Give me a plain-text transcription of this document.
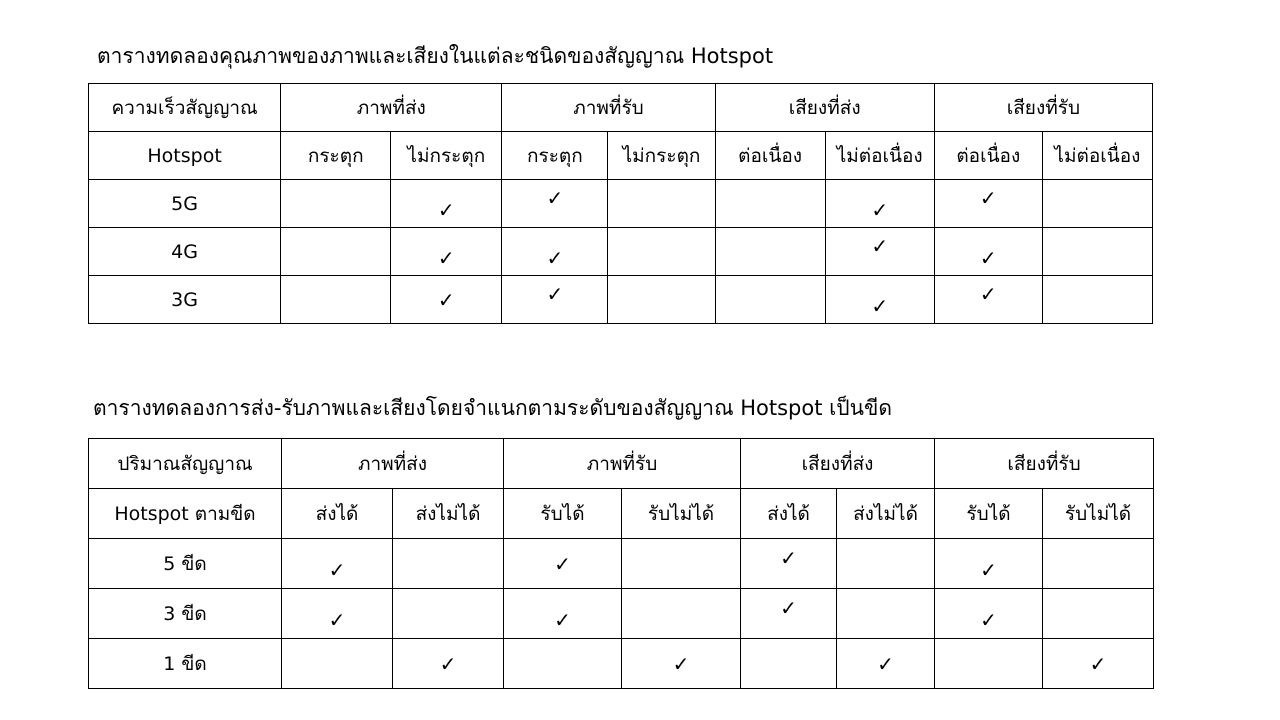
ตารางทดลองคุณภาพของภาพและเสียงในแต่ละชนิดของสัญญาณ Hotspot
ความเร็วสัญญาณ	ภาพที่ส่ง		ภาพที่รับ		เสียงที่ส่ง		เสียงที่รับ	
Hotspot	กระตุก	ไม่กระตุก	กระตุก	ไม่กระตุก	ต่อเนื่อง	ไม่ต่อเนื่อง	ต่อเนื่อง	ไม่ต่อเนื่อง
5G		✓	✓			✓	✓	
4G		✓	✓			✓	✓	
3G		✓	✓			✓	✓	
ตารางทดลองการส่ง-รับภาพและเสียงโดยจำแนกตามระดับของสัญญาณ Hotspot เป็นขีด
ปริมาณสัญญาณ	ภาพที่ส่ง		ภาพที่รับ		เสียงที่ส่ง		เสียงที่รับ	
Hotspot ตามขีด	ส่งได้	ส่งไม่ได้	รับได้	รับไม่ได้	ส่งได้	ส่งไม่ได้	รับได้	รับไม่ได้
5 ขีด	✓		✓		✓		✓	
3 ขีด	✓		✓		✓		✓	
1 ขีด		✓		✓		✓		✓
